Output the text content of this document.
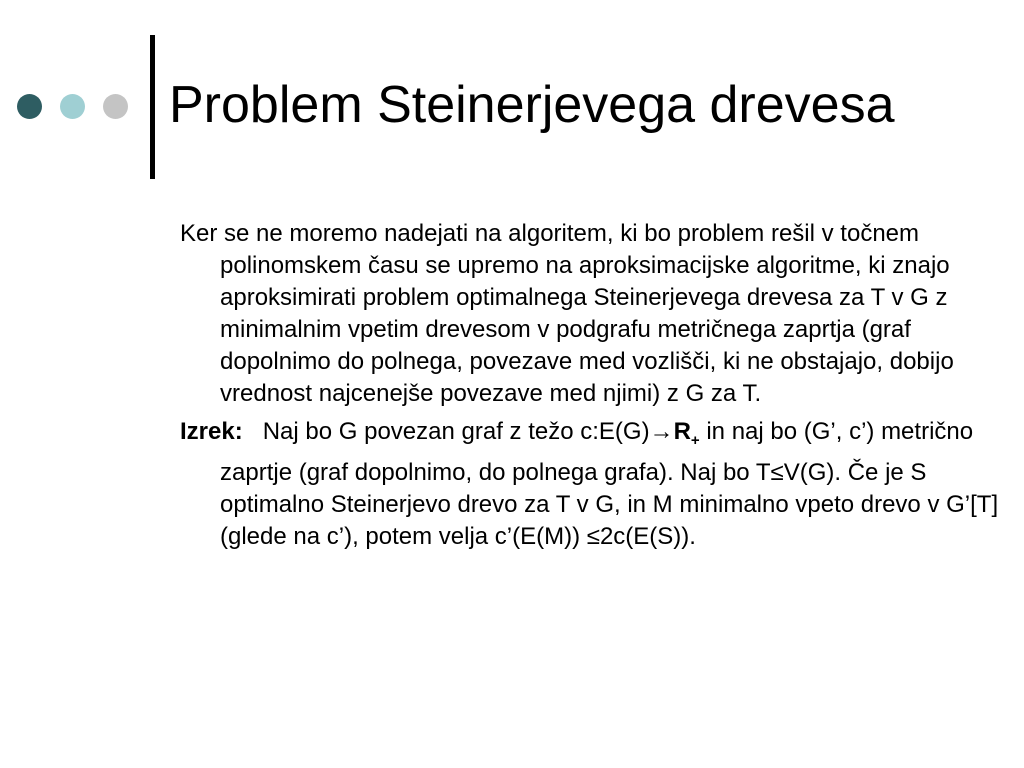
Problem Steinerjevega drevesa

Ker se ne moremo nadejati na algoritem, ki bo problem rešil v točnem polinomskem času se upremo na aproksimacijske algoritme, ki znajo aproksimirati problem optimalnega Steinerjevega drevesa za T v G z minimalnim vpetim drevesom v podgrafu metričnega zaprtja (graf dopolnimo do polnega, povezave med vozlišči, ki ne obstajajo, dobijo vrednost najcenejše povezave med njimi) z G za T.

Izrek: Naj bo G povezan graf z težo $c:E(G)\to R_+$ in naj bo (G’, c’) metrično zaprtje (graf dopolnimo, do polnega grafa). Naj bo T≤V(G). Če je S optimalno Steinerjevo drevo za T v G, in M minimalno vpeto drevo v G’[T] (glede na c’), potem velja c’(E(M)) ≤2c(E(S)).
